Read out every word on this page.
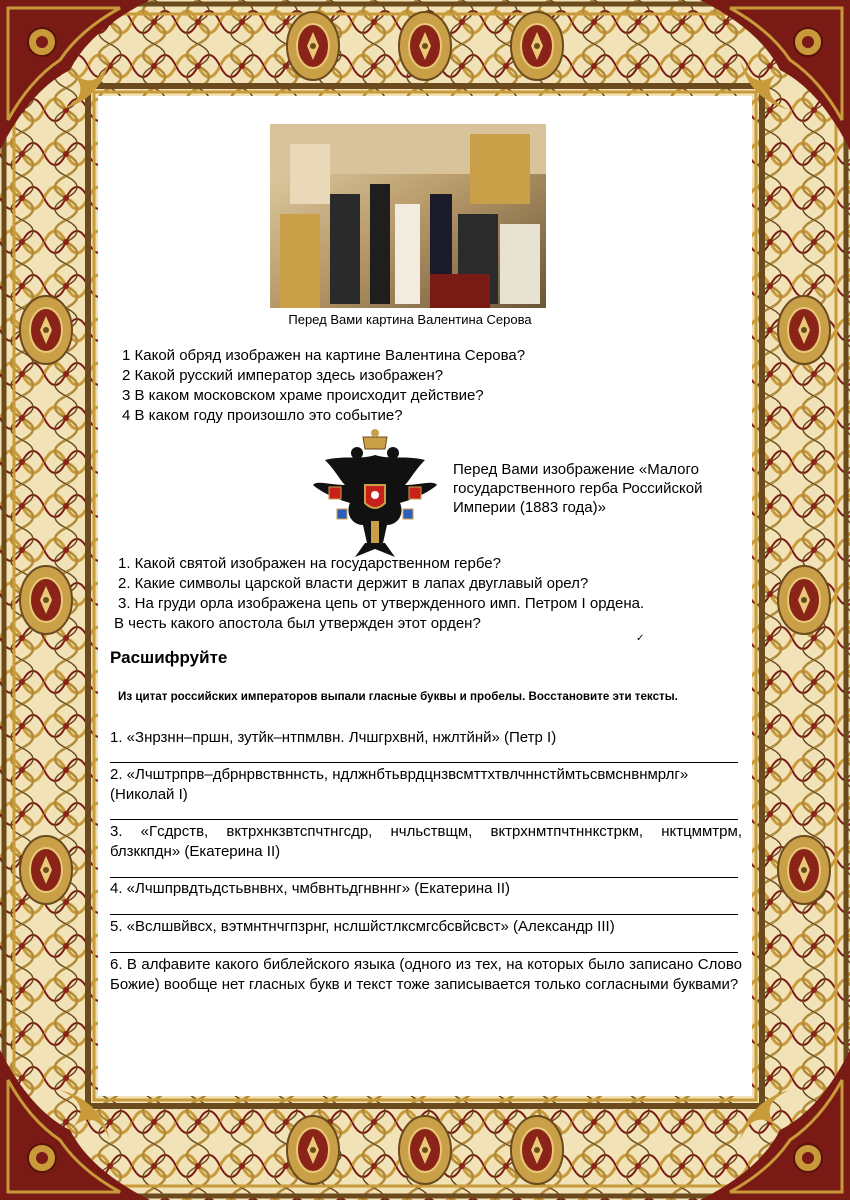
Перед Вами картина Валентина Серова
1 Какой обряд изображен на картине Валентина Серова?
2 Какой русский император здесь изображен?
3 В каком московском храме происходит действие?
4 В каком году произошло это событие?
Перед Вами изображение «Малого государственного герба Российской Империи (1883 года)»
1. Какой святой изображен на государственном гербе?
2. Какие символы царской власти держит в лапах двуглавый орел?
3. На груди орла изображена цепь от утвержденного имп. Петром I ордена.
В честь какого апостола был утвержден этот орден?
✓
Расшифруйте
Из цитат российских императоров выпали гласные буквы и пробелы. Восстановите эти тексты.
1. «Знрзнн–пршн, зутйк–нтпмлвн. Лчшгрхвнй, нжлтйнй» (Петр I)
2. «Лчштрпрв–дбрнрвствннсть, ндлжнбтьврдцнзвсмттхтвлчннстймтьсвмснвнмрлг» (Николай I)
3. «Гсдрств, вктрхнкзвтспчтнгсдр, нчльствщм, вктрхнмтпчтннкстркм, нктцммтрм, блзккпдн» (Екатерина II)
4. «Лчшпрвдтьдстьвнвнх, чмбвнтьдгнвннг» (Екатерина II)
5. «Вслшвйвсх, вэтмнтнчгпзрнг, нслшйстлксмгсбсвйсвст» (Александр III)
6. В алфавите какого библейского языка (одного из тех, на которых было записано Слово Божие) вообще нет гласных букв и текст тоже записывается только согласными буквами?
